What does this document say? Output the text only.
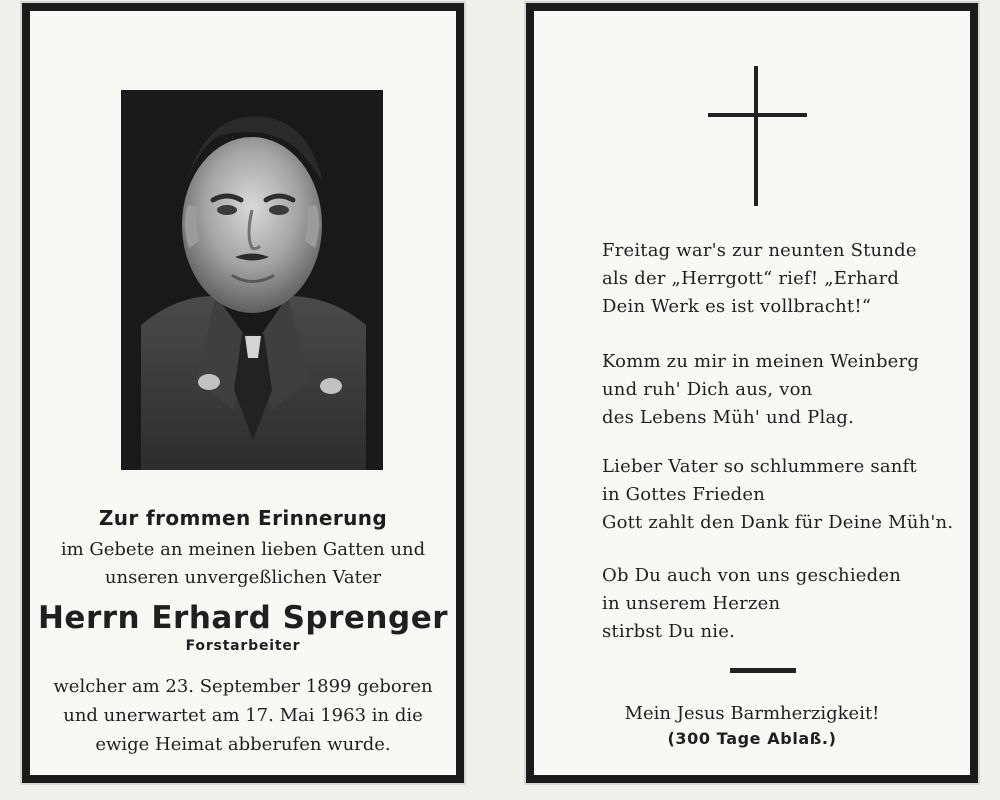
Zur frommen Erinnerung
im Gebete an meinen lieben Gatten und
unseren unvergeßlichen Vater
Herrn Erhard Sprenger
Forstarbeiter
welcher am 23. September 1899 geboren
und unerwartet am 17. Mai 1963 in die
ewige Heimat abberufen wurde.
Freitag war's zur neunten Stunde
als der „Herrgott“ rief! „Erhard
Dein Werk es ist vollbracht!“
Komm zu mir in meinen Weinberg
und ruh' Dich aus, von
des Lebens Müh' und Plag.
Lieber Vater so schlummere sanft
in Gottes Frieden
Gott zahlt den Dank für Deine Müh'n.
Ob Du auch von uns geschieden
in unserem Herzen
stirbst Du nie.
Mein Jesus Barmherzigkeit!
(300 Tage Ablaß.)
